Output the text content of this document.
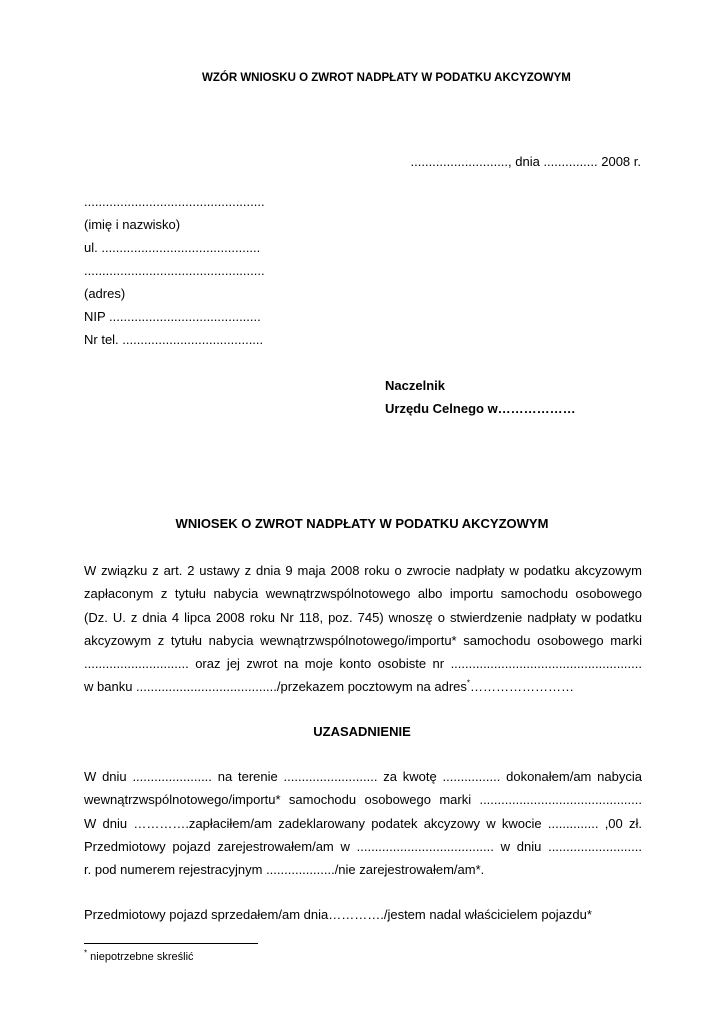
WZÓR WNIOSKU O ZWROT NADPŁATY W PODATKU AKCYZOWYM
..........................., dnia ............... 2008 r.
..................................................
(imię i nazwisko)
ul. ............................................
..................................................
(adres)
NIP ..........................................
Nr tel. .......................................
Naczelnik
Urzędu Celnego w………………
WNIOSEK O ZWROT NADPŁATY W PODATKU AKCYZOWYM
W związku z art. 2 ustawy z dnia 9 maja 2008 roku o zwrocie nadpłaty w podatku akcyzowym
zapłaconym z tytułu nabycia wewnątrzwspólnotowego albo importu samochodu osobowego
(Dz. U. z dnia 4 lipca 2008 roku Nr 118, poz. 745) wnoszę o stwierdzenie nadpłaty w podatku
akcyzowym z tytułu nabycia wewnątrzwspólnotowego/importu* samochodu osobowego marki
............................. oraz jej zwrot na moje konto osobiste nr .....................................................
w banku ......................................./przekazem pocztowym na adres*……………………
UZASADNIENIE
W dniu ...................... na terenie .......................... za kwotę ................ dokonałem/am nabycia
wewnątrzwspólnotowego/importu* samochodu osobowego marki .............................................
W dniu ………….zapłaciłem/am zadeklarowany podatek akcyzowy w kwocie .............. ,00 zł.
Przedmiotowy pojazd zarejestrowałem/am w ...................................... w dniu ..........................
r. pod numerem rejestracyjnym .................../nie zarejestrowałem/am*.
Przedmiotowy pojazd sprzedałem/am dnia…………./jestem nadal właścicielem pojazdu*
* niepotrzebne skreślić
